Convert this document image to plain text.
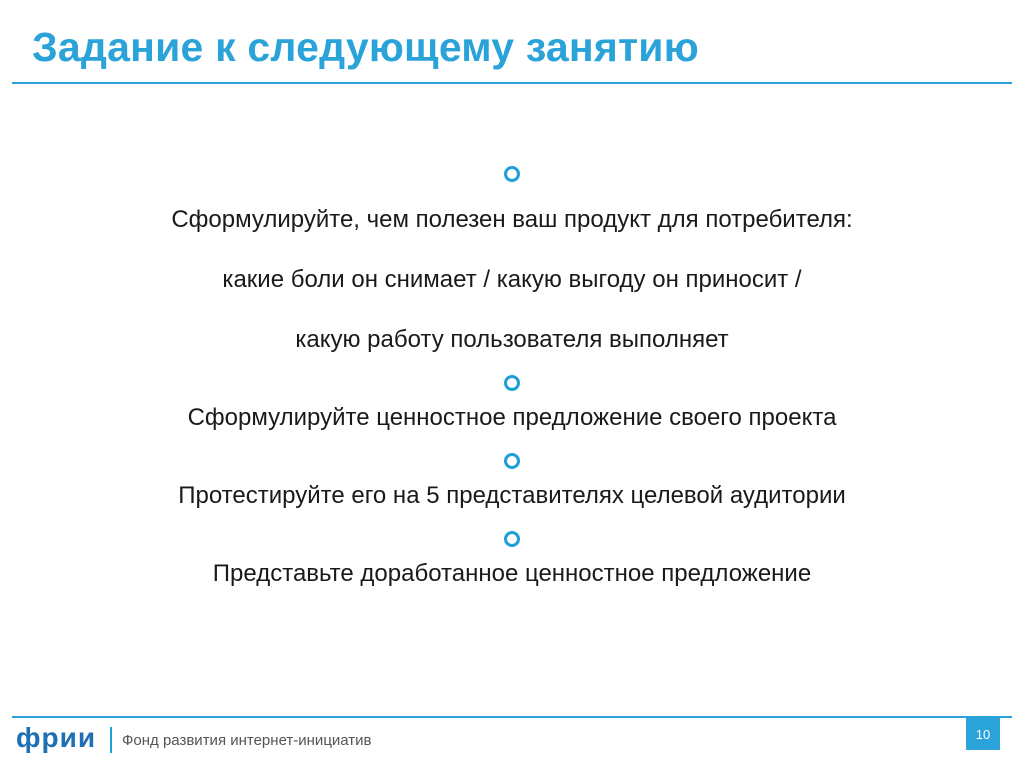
Задание к следующему занятию
Сформулируйте, чем полезен ваш продукт для потребителя:
какие боли он снимает / какую выгоду он приносит /
какую работу пользователя выполняет
Сформулируйте ценностное предложение своего проекта
Протестируйте его на 5 представителях целевой аудитории
Представьте доработанное ценностное предложение
фрии Фонд развития интернет-инициатив	10
